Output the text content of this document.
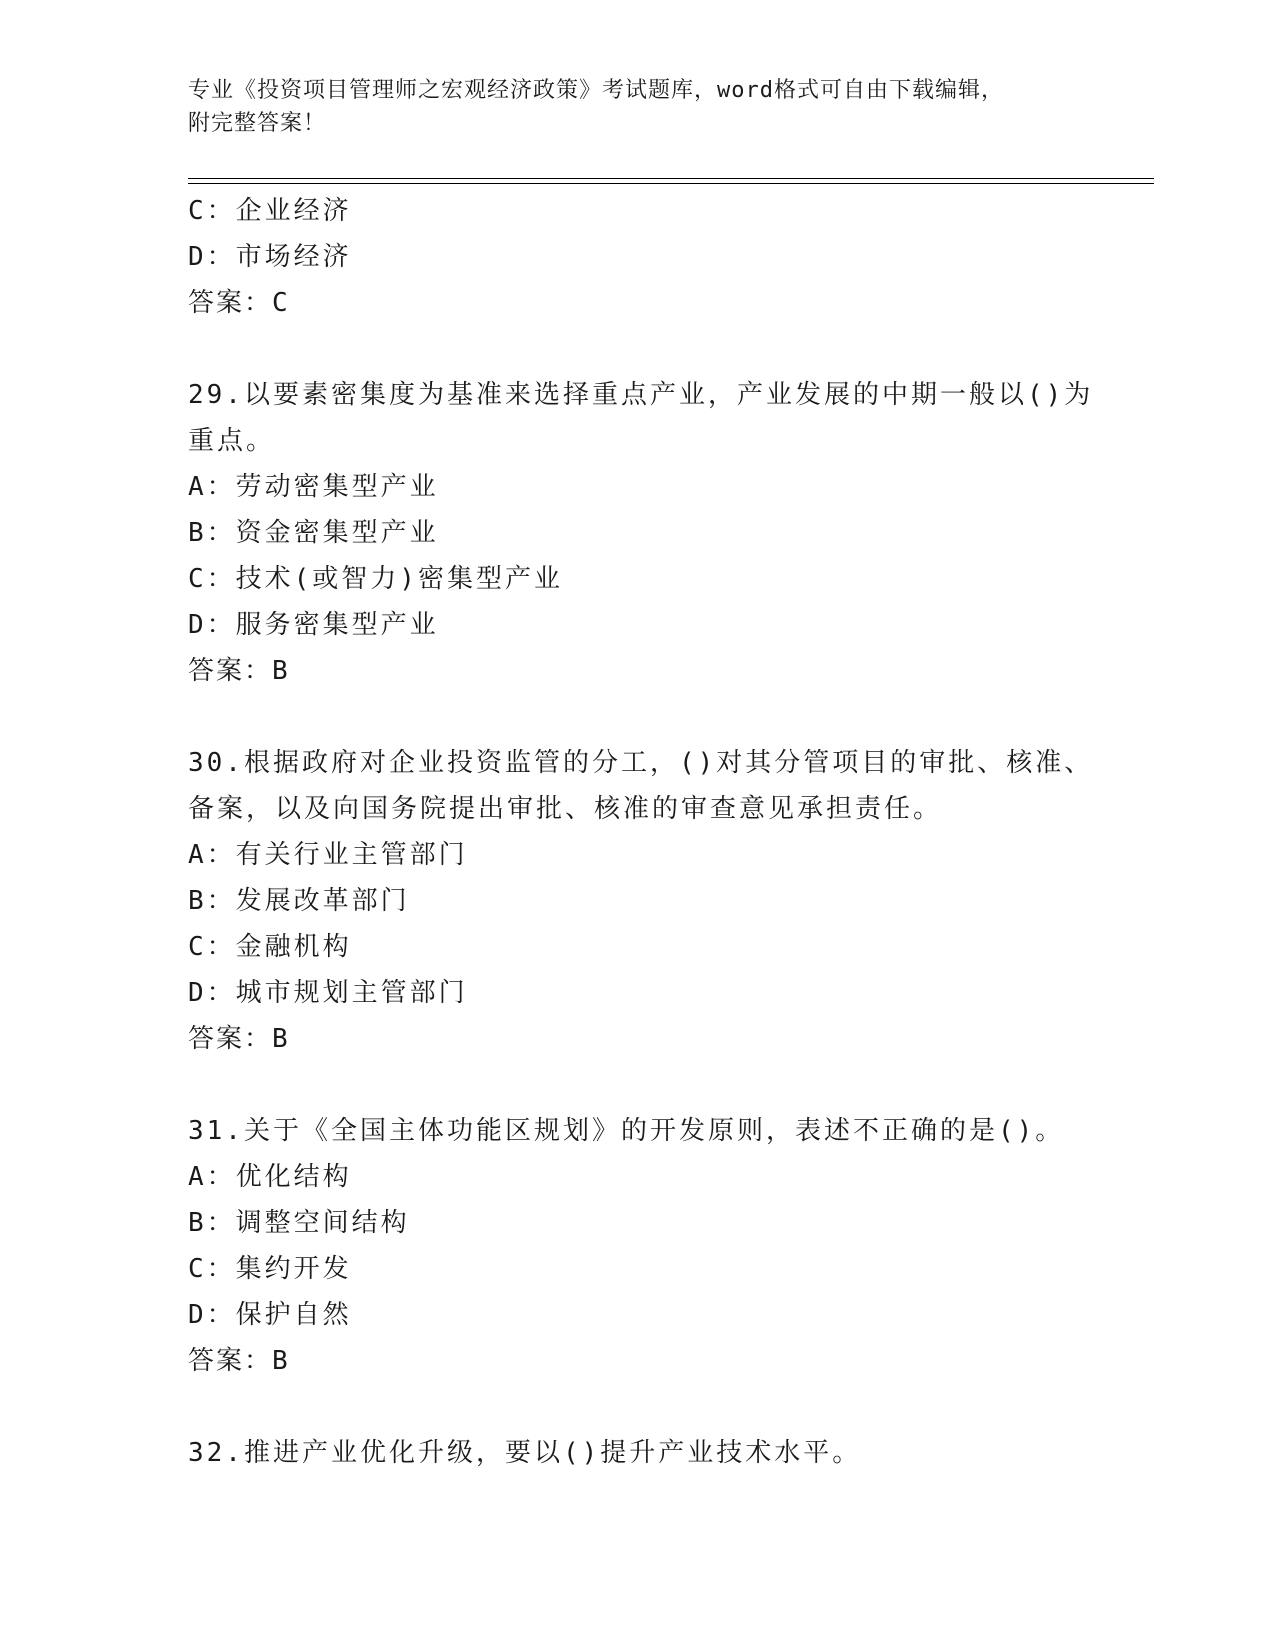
专业《投资项目管理师之宏观经济政策》考试题库，word格式可自由下载编辑，
附完整答案！

C：企业经济

D：市场经济

答案：C

29.以要素密集度为基准来选择重点产业，产业发展的中期一般以()为

重点。

A：劳动密集型产业

B：资金密集型产业

C：技术(或智力)密集型产业

D：服务密集型产业

答案：B

30.根据政府对企业投资监管的分工，()对其分管项目的审批、核准、

备案，以及向国务院提出审批、核准的审查意见承担责任。

A：有关行业主管部门

B：发展改革部门

C：金融机构

D：城市规划主管部门

答案：B

31.关于《全国主体功能区规划》的开发原则，表述不正确的是()。

A：优化结构

B：调整空间结构

C：集约开发

D：保护自然

答案：B

32.推进产业优化升级，要以()提升产业技术水平。
